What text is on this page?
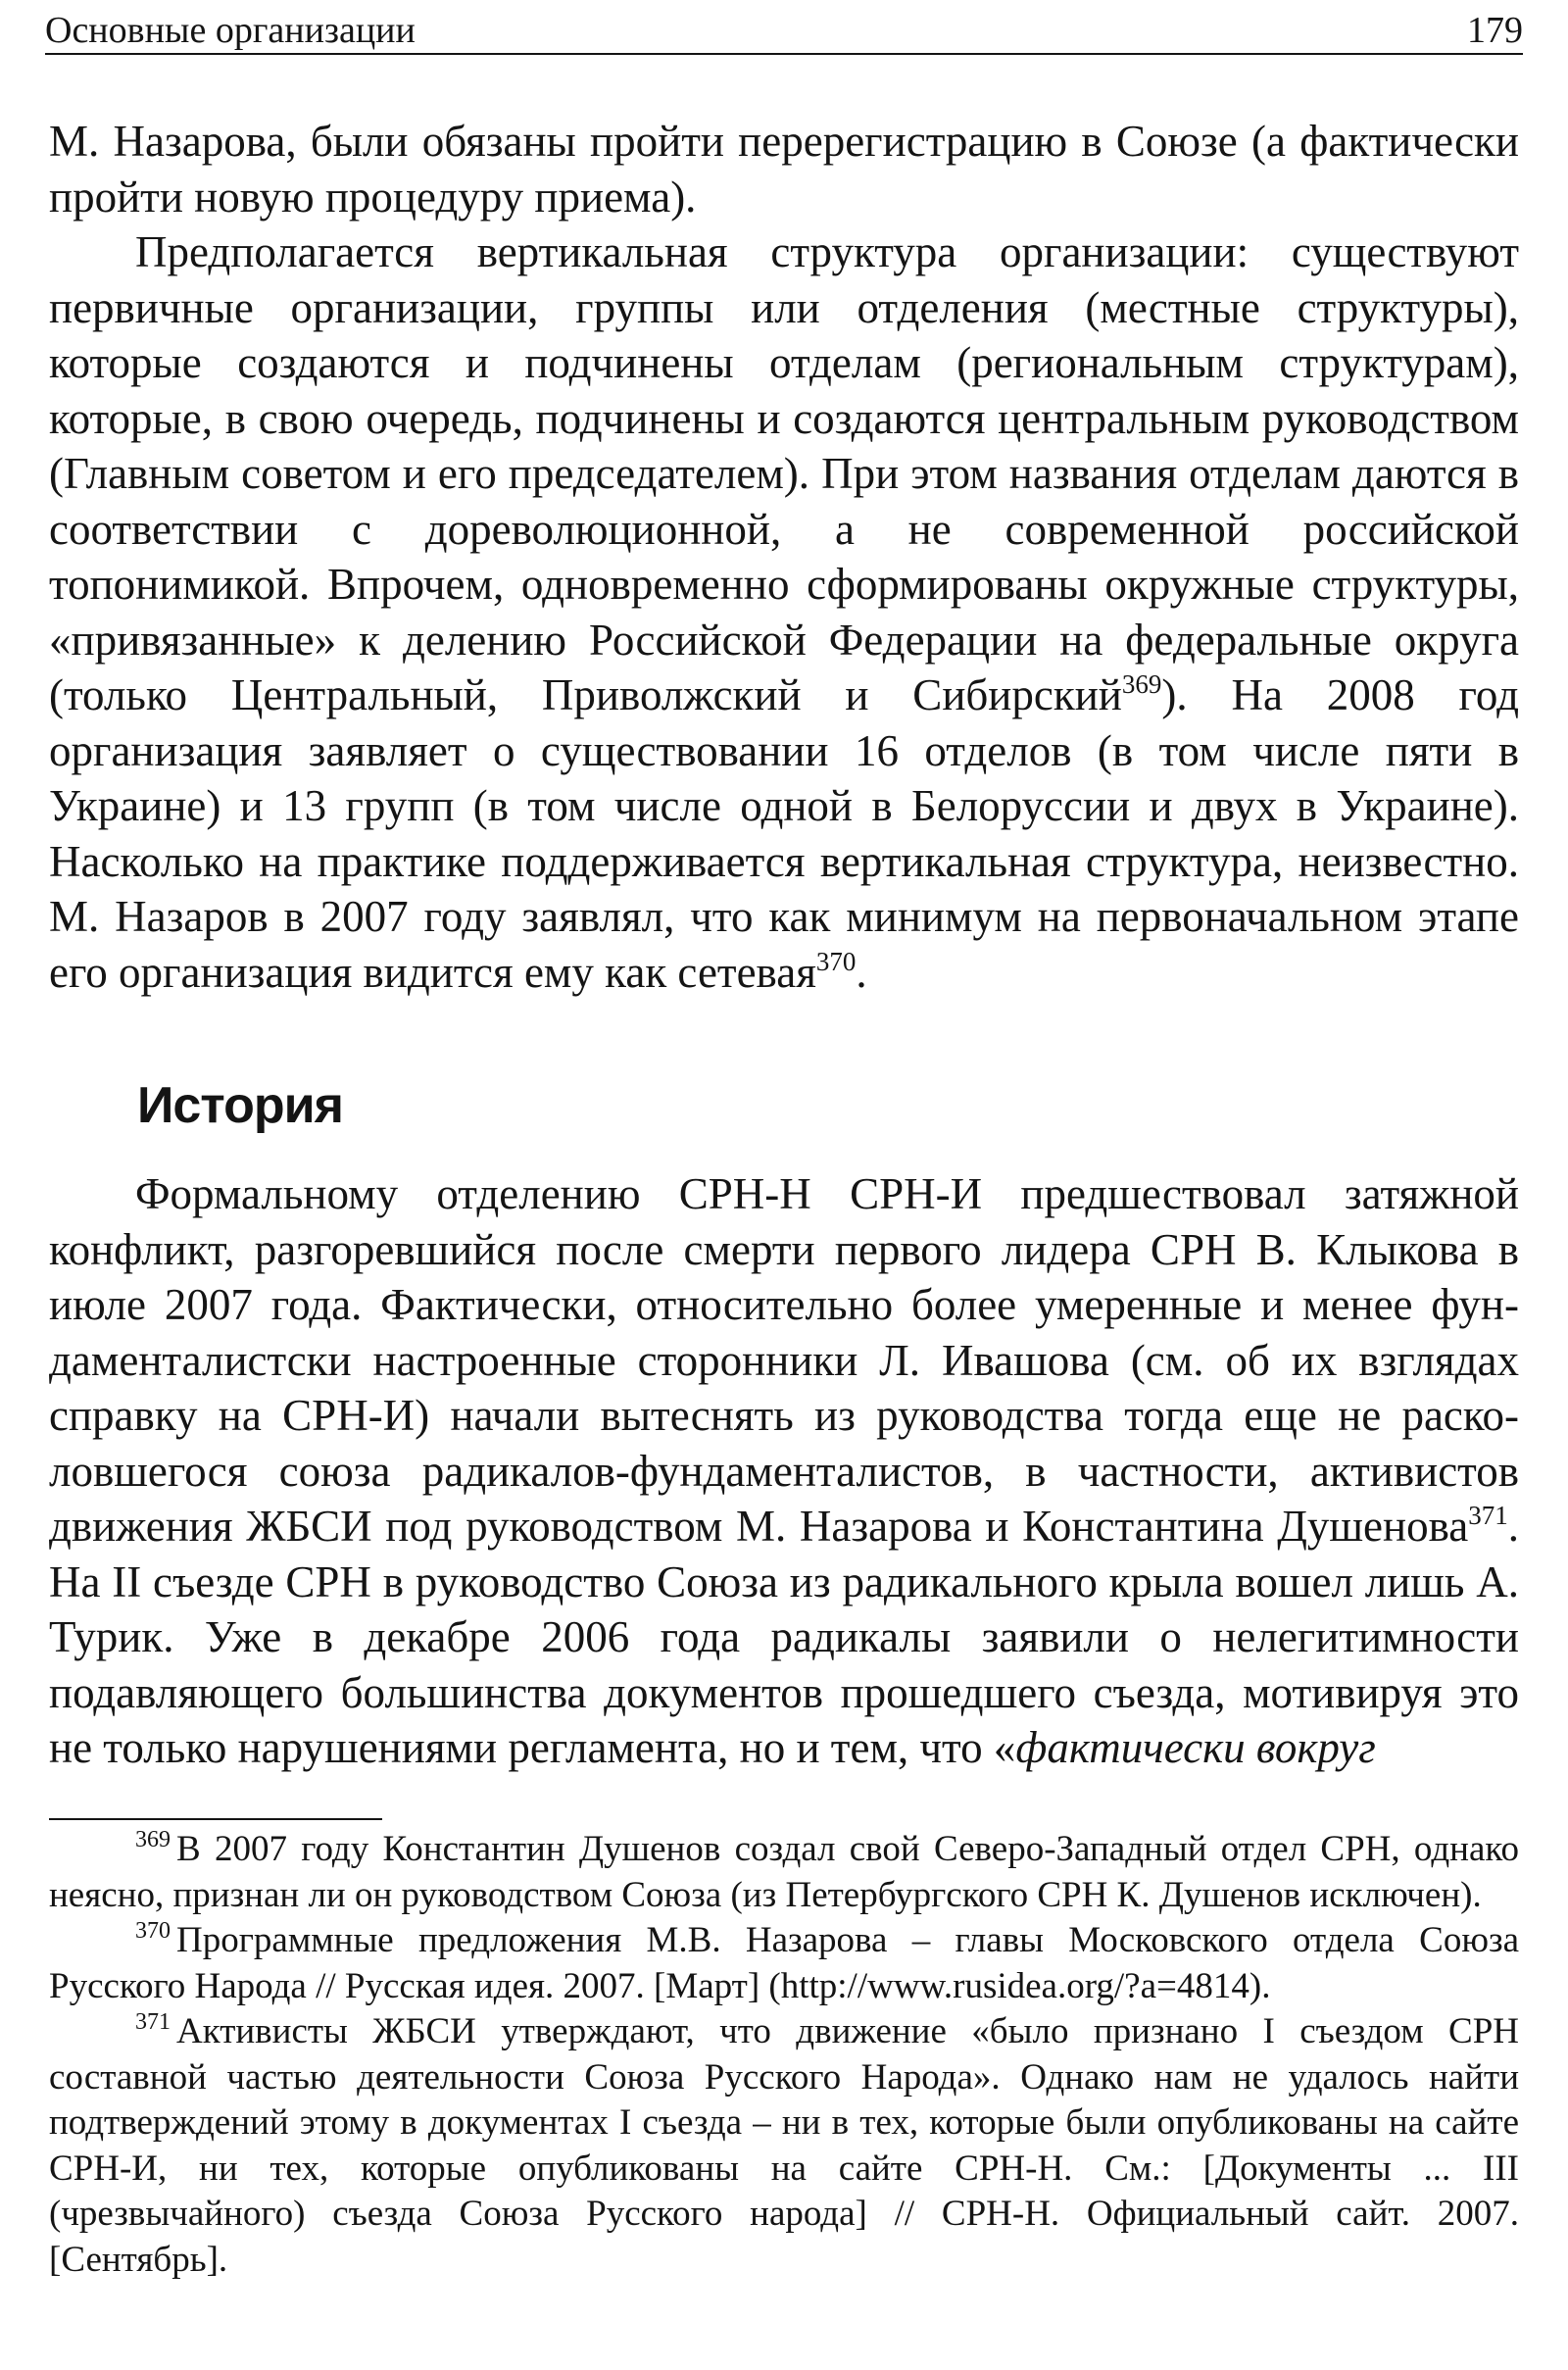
Основные организации	179

М. Назарова, были обязаны пройти перерегистрацию в Союзе (а фактически пройти новую процедуру приема).

Предполагается вертикальная структура организации: существуют первичные организации, группы или отделения (местные структуры), которые создаются и подчинены отделам (региональным структурам), которые, в свою очередь, подчинены и создаются центральным руководством (Главным советом и его председателем). При этом названия отделам даются в соответствии с дореволюционной, а не современной российской топонимикой. Впрочем, одновременно сформированы окружные структуры, «привязанные» к делению Российской Федерации на федеральные округа (только Центральный, Приволжский и Сибирский$^{369}$). На 2008 год организация заявляет о существовании 16 отделов (в том числе пяти в Украине) и 13 групп (в том числе одной в Белоруссии и двух в Украине). Насколько на практике поддерживается вертикальная структура, неизвестно. М. Назаров в 2007 году заявлял, что как минимум на первоначальном этапе его организация видится ему как сетевая$^{370}$.

История

Формальному отделению СРН-Н СРН-И предшествовал затяжной конфликт, разгоревшийся после смерти первого лидера СРН В. Клыкова в июле 2007 года. Фактически, относительно более умеренные и менее фундаменталистски настроенные сторонники Л. Ивашова (см. об их взглядах справку на СРН-И) начали вытеснять из руководства тогда еще не расколовшегося союза радикалов-фундаменталистов, в частности, активистов движения ЖБСИ под руководством М. Назарова и Константина Душенова$^{371}$. На II съезде СРН в руководство Союза из радикального крыла вошел лишь А. Турик. Уже в декабре 2006 года радикалы заявили о нелегитимности подавляющего большинства документов прошедшего съезда, мотивируя это не только нарушениями регламента, но и тем, что «фактически вокруг

$^{369}$ В 2007 году Константин Душенов создал свой Северо-Западный отдел СРН, однако неясно, признан ли он руководством Союза (из Петербургского СРН К. Душенов исключен).

$^{370}$ Программные предложения М.В. Назарова – главы Московского отдела Союза Русского Народа // Русская идея. 2007. [Март] (http://www.rusidea.org/?a=4814).

$^{371}$ Активисты ЖБСИ утверждают, что движение «было признано I съездом СРН составной частью деятельности Союза Русского Народа». Однако нам не удалось найти подтверждений этому в документах I съезда – ни в тех, которые были опубликованы на сайте СРН-И, ни тех, которые опубликованы на сайте СРН-Н. См.: [Документы ... III (чрезвычайного) съезда Союза Русского народа] // СРН-Н. Официальный сайт. 2007. [Сентябрь].
